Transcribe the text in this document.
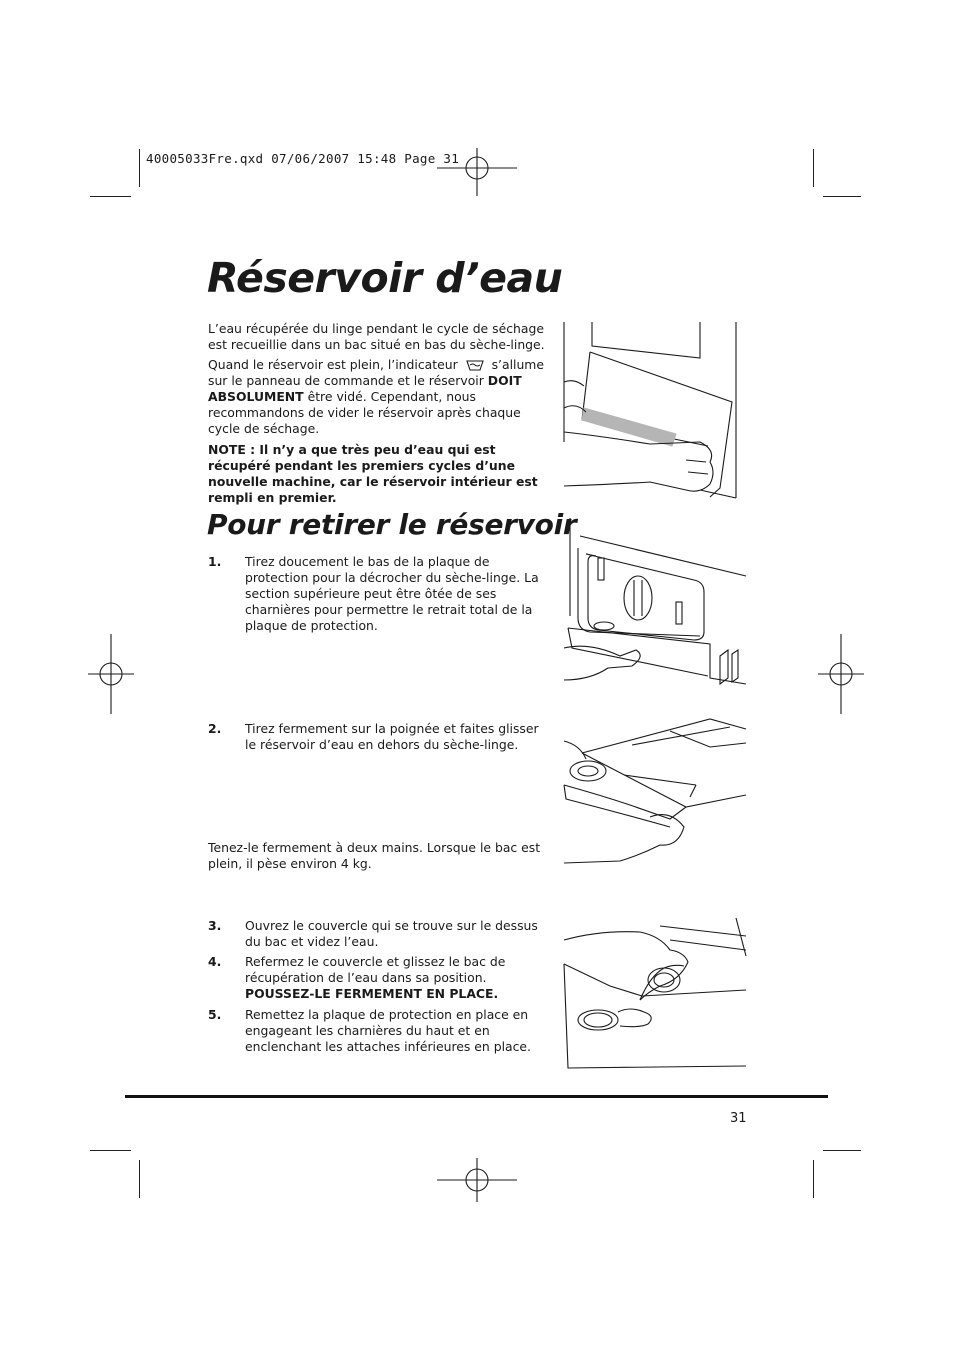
40005033Fre.qxd 07/06/2007 15:48 Page 31
Réservoir d’eau

L’eau récupérée du linge pendant le cycle de séchage est recueillie dans un bac situé en bas du sèche-linge.

Quand le réservoir est plein, l’indicateur	s’allume sur le panneau de commande et le réservoir DOIT ABSOLUMENT être vidé. Cependant, nous recommandons de vider le réservoir après chaque cycle de séchage.

NOTE : Il n’y a que très peu d’eau qui est récupéré pendant les premiers cycles d’une nouvelle machine, car le réservoir intérieur est rempli en premier.

Pour retirer le réservoir
1. Tirez doucement le bas de la plaque de protection pour la décrocher du sèche-linge. La section supérieure peut être ôtée de ses charnières pour permettre le retrait total de la plaque de protection.
2. Tirez fermement sur la poignée et faites glisser le réservoir d’eau en dehors du sèche-linge.

Tenez-le fermement à deux mains. Lorsque le bac est plein, il pèse environ 4 kg.

3. Ouvrez le couvercle qui se trouve sur le dessus du bac et videz l’eau.
4. Refermez le couvercle et glissez le bac de récupération de l’eau dans sa position. POUSSEZ-LE FERMEMENT EN PLACE.
5. Remettez la plaque de protection en place en engageant les charnières du haut et en enclenchant les attaches inférieures en place.
31
